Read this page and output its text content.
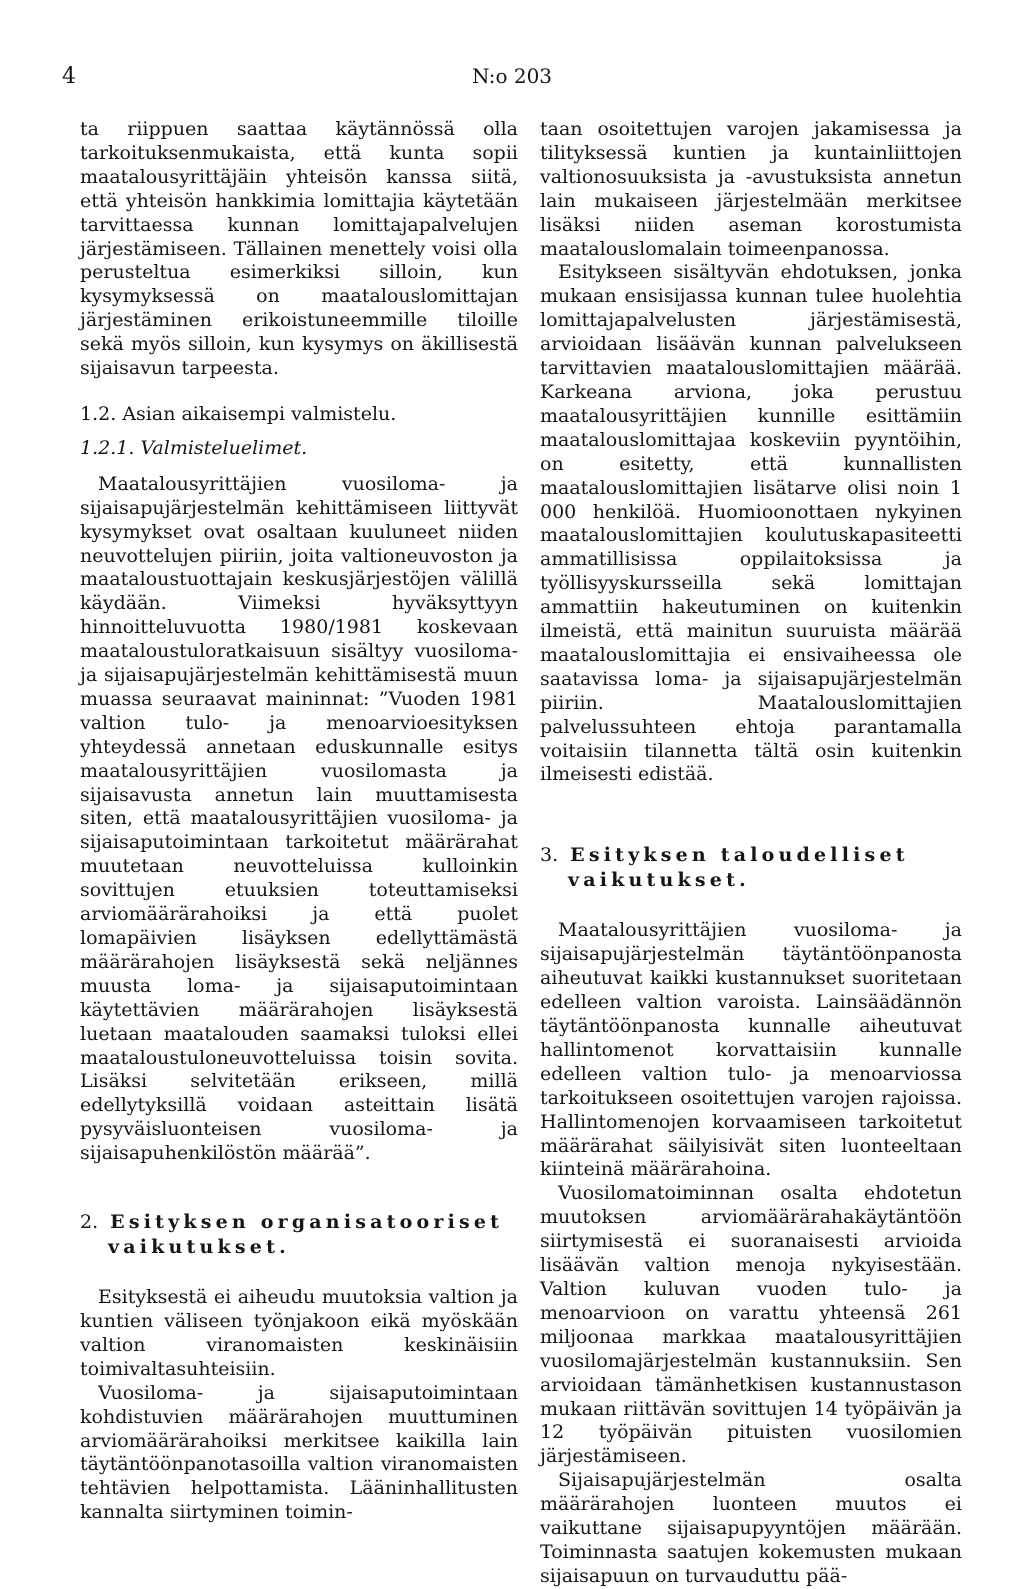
4	N:o 203

ta riippuen saattaa käytännössä olla tarkoituksenmukaista, että kunta sopii maatalousyrittäjäin yhteisön kanssa siitä, että yhteisön hankkimia lomittajia käytetään tarvittaessa kunnan lomittajapalvelujen järjestämiseen. Tällainen menettely voisi olla perusteltua esimerkiksi silloin, kun kysymyksessä on maatalouslomittajan järjestäminen erikoistuneemmille tiloille sekä myös silloin, kun kysymys on äkillisestä sijaisavun tarpeesta.

1.2. Asian aikaisempi valmistelu.

1.2.1. Valmisteluelimet.

Maatalousyrittäjien vuosiloma- ja sijaisapujärjestelmän kehittämiseen liittyvät kysymykset ovat osaltaan kuuluneet niiden neuvottelujen piiriin, joita valtioneuvoston ja maataloustuottajain keskusjärjestöjen välillä käydään. Viimeksi hyväksyttyyn hinnoitteluvuotta 1980/1981 koskevaan maataloustuloratkaisuun sisältyy vuosiloma- ja sijaisapujärjestelmän kehittämisestä muun muassa seuraavat maininnat: ”Vuoden 1981 valtion tulo- ja menoarvioesityksen yhteydessä annetaan eduskunnalle esitys maatalousyrittäjien vuosilomasta ja sijaisavusta annetun lain muuttamisesta siten, että maatalousyrittäjien vuosiloma- ja sijaisaputoimintaan tarkoitetut määrärahat muutetaan neuvotteluissa kulloinkin sovittujen etuuksien toteuttamiseksi arviomäärärahoiksi ja että puolet lomapäivien lisäyksen edellyttämästä määrärahojen lisäyksestä sekä neljännes muusta loma- ja sijaisaputoimintaan käytettävien määrärahojen lisäyksestä luetaan maatalouden saamaksi tuloksi ellei maataloustuloneuvotteluissa toisin sovita. Lisäksi selvitetään erikseen, millä edellytyksillä voidaan asteittain lisätä pysyväisluonteisen vuosiloma- ja sijaisapuhenkilöstön määrää”.

2. Esityksen organisatooriset

vaikutukset.

Esityksestä ei aiheudu muutoksia valtion ja kuntien väliseen työnjakoon eikä myöskään valtion viranomaisten keskinäisiin toimivaltasuhteisiin.

Vuosiloma- ja sijaisaputoimintaan kohdistuvien määrärahojen muuttuminen arviomäärärahoiksi merkitsee kaikilla lain täytäntöönpanotasoilla valtion viranomaisten tehtävien helpottamista. Lääninhallitusten kannalta siirtyminen toimin-

taan osoitettujen varojen jakamisessa ja tilityksessä kuntien ja kuntainliittojen valtionosuuksista ja -avustuksista annetun lain mukaiseen järjestelmään merkitsee lisäksi niiden aseman korostumista maatalouslomalain toimeenpanossa.

Esitykseen sisältyvän ehdotuksen, jonka mukaan ensisijassa kunnan tulee huolehtia lomittajapalvelusten järjestämisestä, arvioidaan lisäävän kunnan palvelukseen tarvittavien maatalouslomittajien määrää. Karkeana arviona, joka perustuu maatalousyrittäjien kunnille esittämiin maatalouslomittajaa koskeviin pyyntöihin, on esitetty, että kunnallisten maatalouslomittajien lisätarve olisi noin 1 000 henkilöä. Huomioonottaen nykyinen maatalouslomittajien koulutuskapasiteetti ammatillisissa oppilaitoksissa ja työllisyyskursseilla sekä lomittajan ammattiin hakeutuminen on kuitenkin ilmeistä, että mainitun suuruista määrää maatalouslomittajia ei ensivaiheessa ole saatavissa loma- ja sijaisapujärjestelmän piiriin. Maatalouslomittajien palvelussuhteen ehtoja parantamalla voitaisiin tilannetta tältä osin kuitenkin ilmeisesti edistää.

3. Esityksen taloudelliset

vaikutukset.

Maatalousyrittäjien vuosiloma- ja sijaisapujärjestelmän täytäntöönpanosta aiheutuvat kaikki kustannukset suoritetaan edelleen valtion varoista. Lainsäädännön täytäntöönpanosta kunnalle aiheutuvat hallintomenot korvattaisiin kunnalle edelleen valtion tulo- ja menoarviossa tarkoitukseen osoitettujen varojen rajoissa. Hallintomenojen korvaamiseen tarkoitetut määrärahat säilyisivät siten luonteeltaan kiinteinä määrärahoina.

Vuosilomatoiminnan osalta ehdotetun muutoksen arviomäärärahakäytäntöön siirtymisestä ei suoranaisesti arvioida lisäävän valtion menoja nykyisestään. Valtion kuluvan vuoden tulo- ja menoarvioon on varattu yhteensä 261 miljoonaa markkaa maatalousyrittäjien vuosilomajärjestelmän kustannuksiin. Sen arvioidaan tämänhetkisen kustannustason mukaan riittävän sovittujen 14 työpäivän ja 12 työpäivän pituisten vuosilomien järjestämiseen.

Sijaisapujärjestelmän osalta määrärahojen luonteen muutos ei vaikuttane sijaisapupyyntöjen määrään. Toiminnasta saatujen kokemusten mukaan sijaisapuun on turvauduttu pää-
